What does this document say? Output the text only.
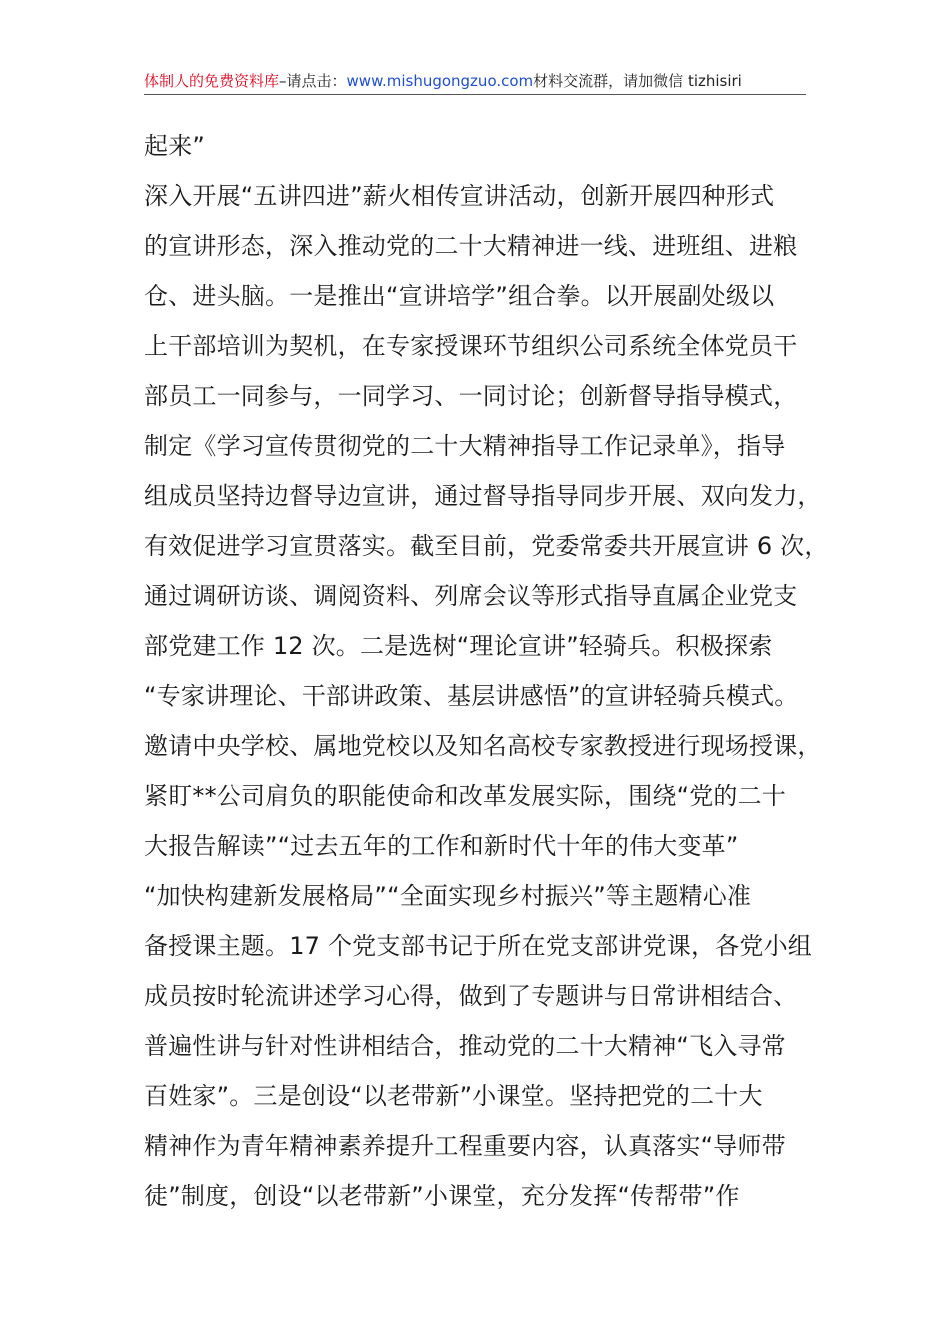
体制人的免费资料库–请点击：www.mishugongzuo.com材料交流群，请加微信 tizhisiri
起来”
深入开展“五讲四进”薪火相传宣讲活动，创新开展四种形式
的宣讲形态，深入推动党的二十大精神进一线、进班组、进粮
仓、进头脑。一是推出“宣讲培学”组合拳。以开展副处级以
上干部培训为契机，在专家授课环节组织公司系统全体党员干
部员工一同参与，一同学习、一同讨论；创新督导指导模式，
制定《学习宣传贯彻党的二十大精神指导工作记录单》，指导
组成员坚持边督导边宣讲，通过督导指导同步开展、双向发力，
有效促进学习宣贯落实。截至目前，党委常委共开展宣讲 6 次，
通过调研访谈、调阅资料、列席会议等形式指导直属企业党支
部党建工作 12 次。二是选树“理论宣讲”轻骑兵。积极探索
“专家讲理论、干部讲政策、基层讲感悟”的宣讲轻骑兵模式。
邀请中央学校、属地党校以及知名高校专家教授进行现场授课，
紧盯**公司肩负的职能使命和改革发展实际，围绕“党的二十
大报告解读”“过去五年的工作和新时代十年的伟大变革”
“加快构建新发展格局”“全面实现乡村振兴”等主题精心准
备授课主题。17 个党支部书记于所在党支部讲党课，各党小组
成员按时轮流讲述学习心得，做到了专题讲与日常讲相结合、
普遍性讲与针对性讲相结合，推动党的二十大精神“飞入寻常
百姓家”。三是创设“以老带新”小课堂。坚持把党的二十大
精神作为青年精神素养提升工程重要内容，认真落实“导师带
徒”制度，创设“以老带新”小课堂，充分发挥“传帮带”作
